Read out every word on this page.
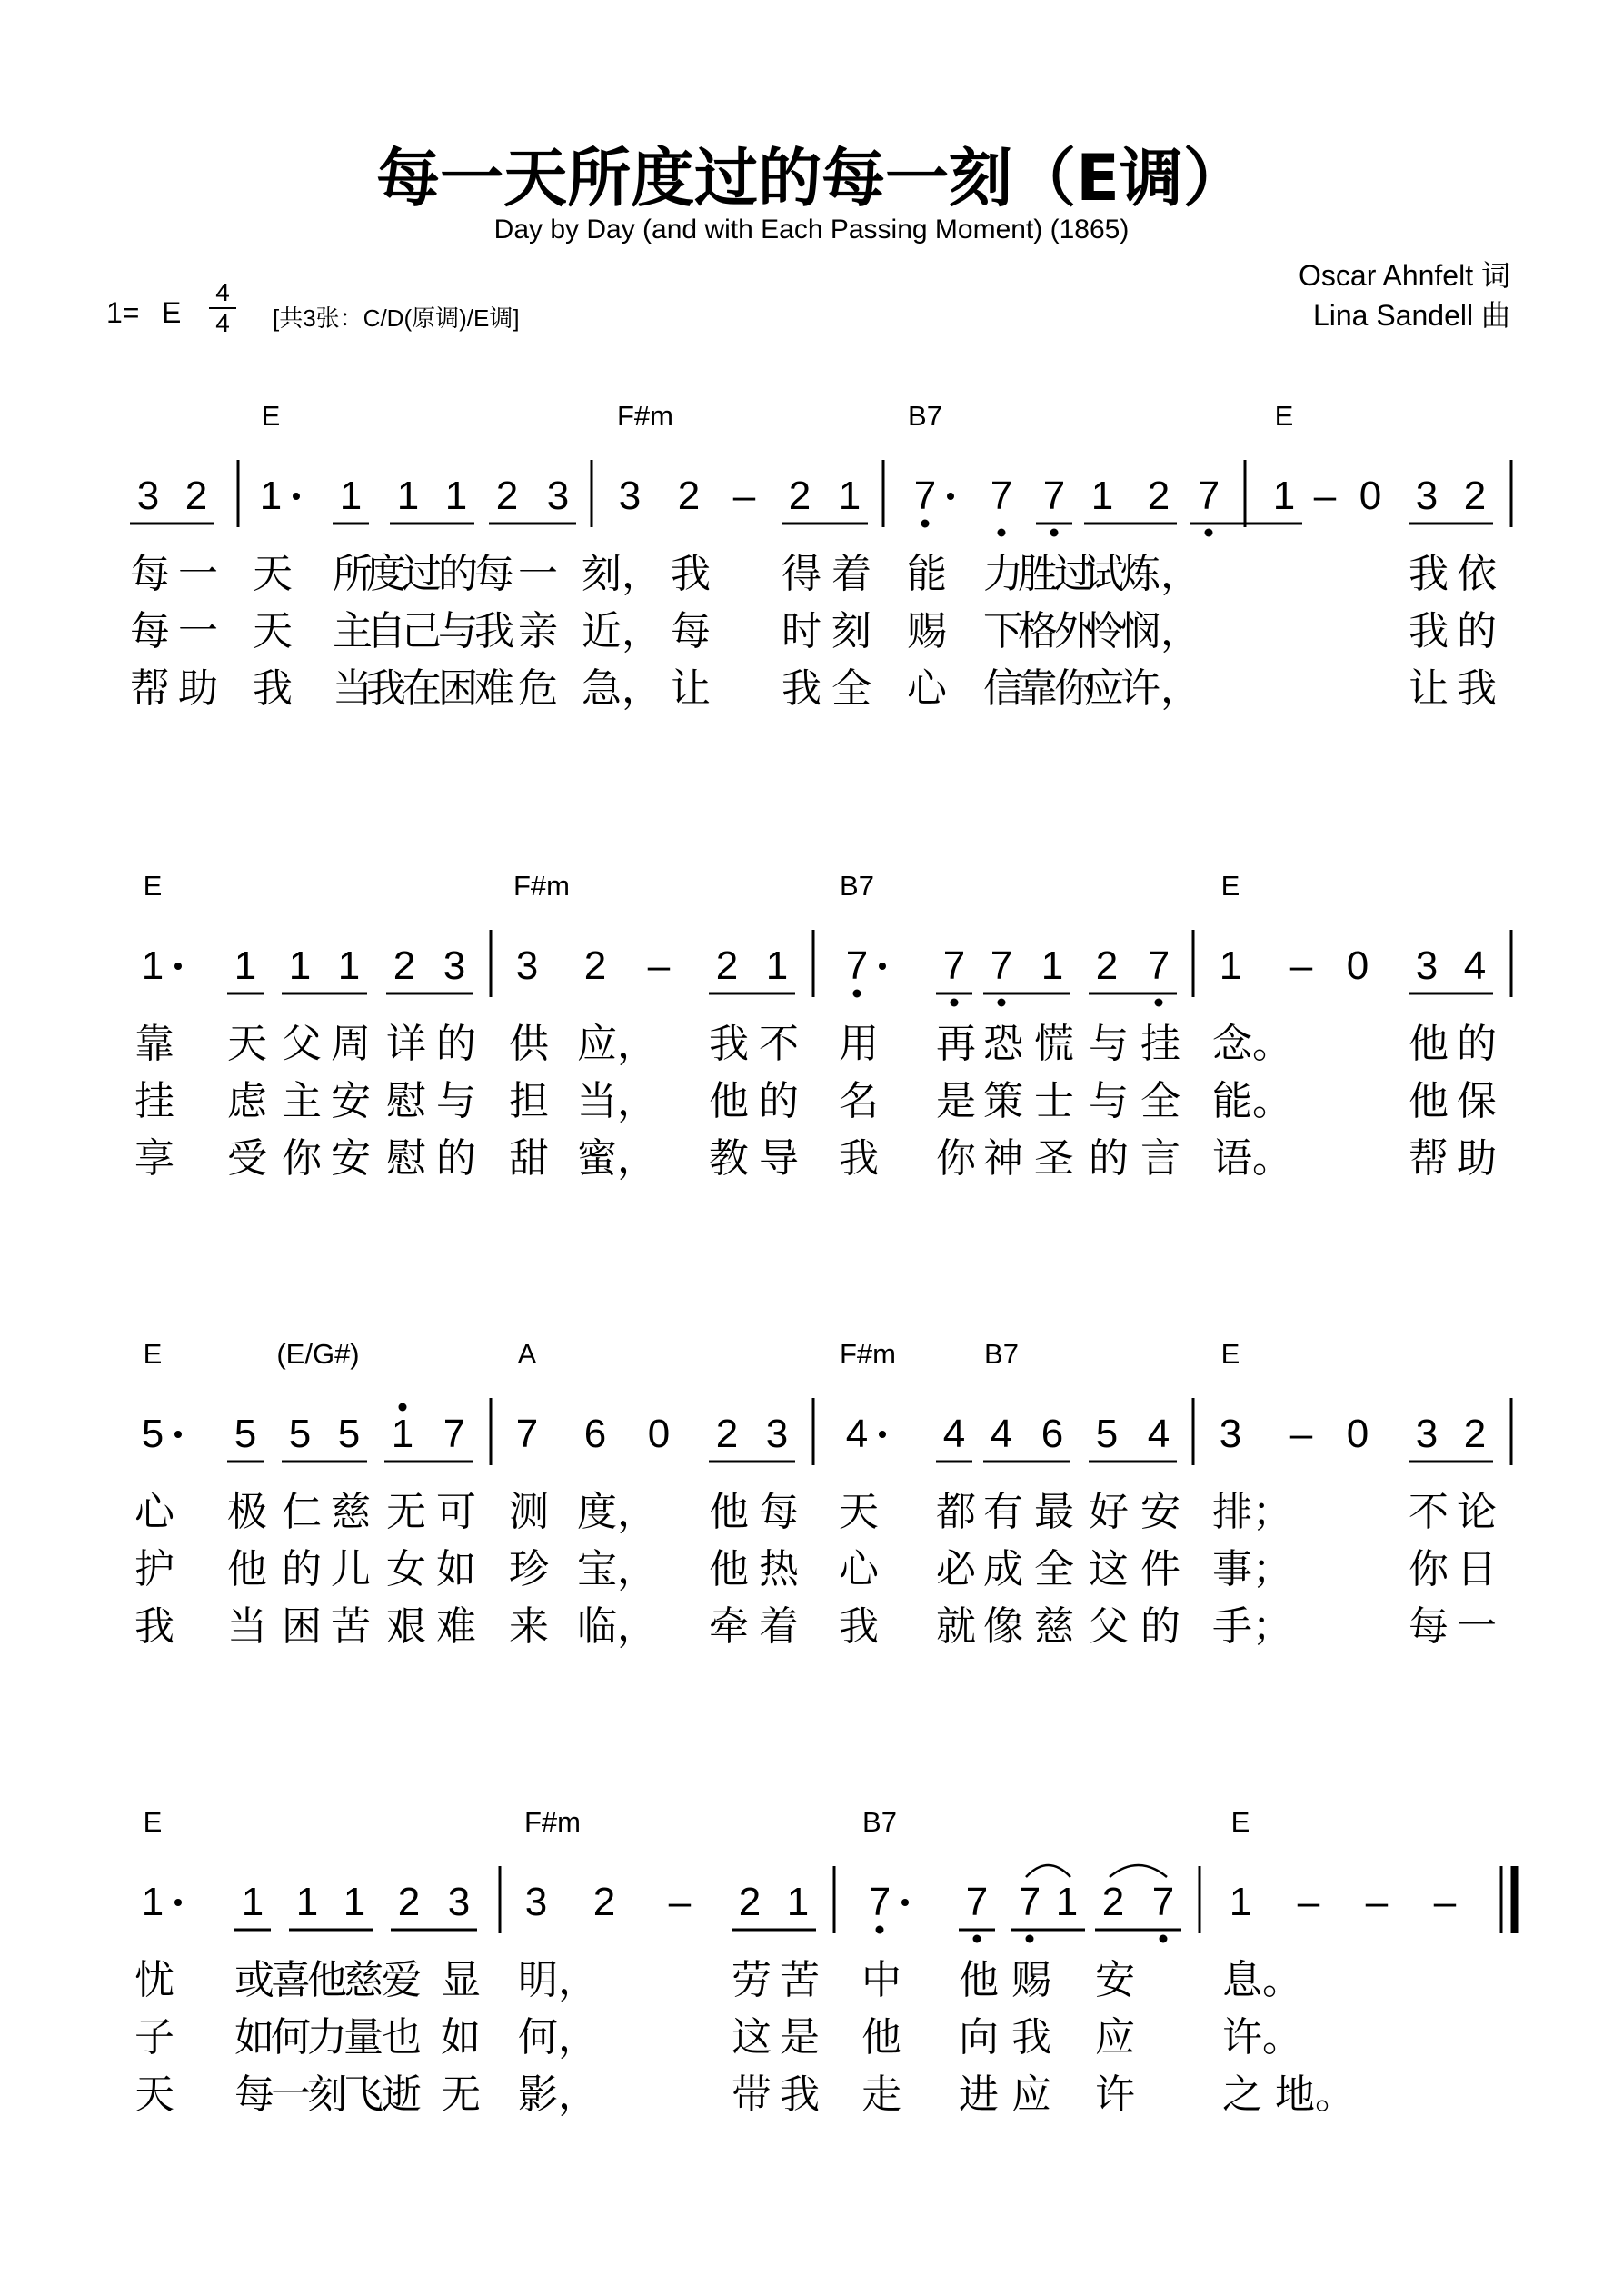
每一天所度过的每一刻（E调）
Day by Day (and with Each Passing Moment) (1865)
Oscar Ahnfelt 词
Lina Sandell 曲
1= E
4
4 [共3张：C/D(原调)/E调]
E	F#m	B7	E
3 2 1 1 1 1 2 3 3 2 – 2 1 7 7 7 1 2 7 1 – 0 3 2
每 一 天 所
度
过
的
每 一 刻， 我 得 着 能 力
胜
过
试
炼，	我 依
每 一 天 主
自
己
与
我 亲 近， 每 时 刻 赐 下
格
外
怜
悯，	我 的
帮 助 我 当
我
在
困
难 危 急， 让 我 全 心 信
靠
你
应
许，	让 我
E	F#m	B7	E
1 1 1 1 2 3 3 2 – 2 1 7 7 7 1 2 7 1 – 0 3 4
靠 天 父 周 详 的 供 应， 我 不 用 再 恐 慌 与 挂 念。	他 的
挂 虑 主 安 慰 与 担 当， 他 的 名 是 策 士 与 全 能。	他 保
享 受 你 安 慰 的 甜 蜜， 教 导 我 你 神 圣 的 言 语。	帮 助
E	(E/G#)	A	F#m	B7	E
5 5 5 5 1 7 7 6 0 2 3 4 4 4 6 5 4 3 – 0 3 2
心 极 仁 慈 无 可 测 度， 他 每 天 都 有 最 好 安 排；	不 论
护 他 的 儿 女 如 珍 宝， 他 热 心 必 成 全 这 件 事；	你 日
我 当 困 苦 艰 难 来 临， 牵 着 我 就 像 慈 父 的 手；	每 一
E	F#m	B7	E
1 1 1 1 2 3 3 2 – 2 1 7 7 7 1 2 7 1 – – –
忧 或
喜
他
慈
爱 显 明，	劳 苦 中 他 赐 安 息。
子 如
何
力
量
也 如 何，	这 是 他 向 我 应 许。
天 每
一
刻
飞
逝 无 影，	带 我 走 进 应 许 之 地。
